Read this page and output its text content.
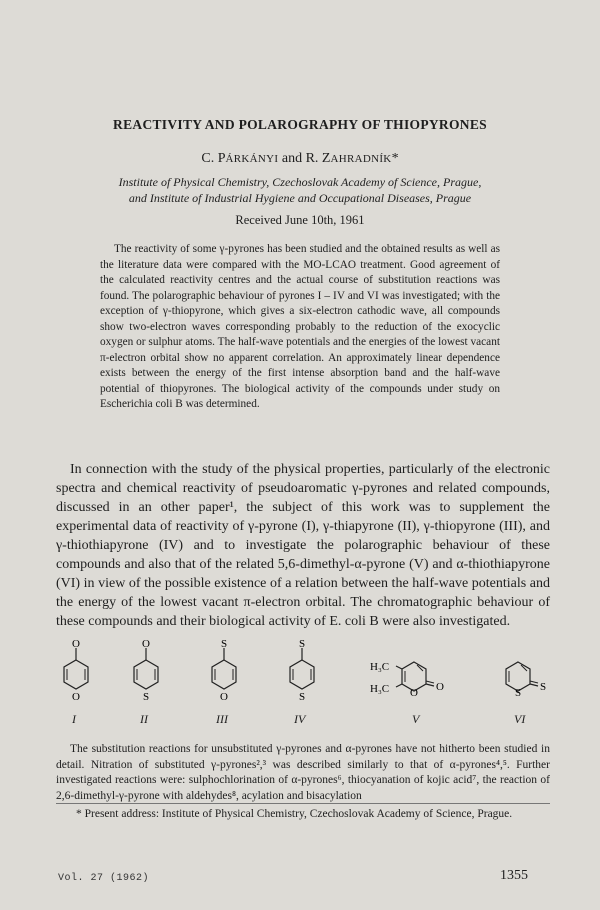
REACTIVITY AND POLAROGRAPHY OF THIOPYRONES
C. PÁRKÁNYI and R. ZAHRADNÍK*
Institute of Physical Chemistry, Czechoslovak Academy of Science, Prague,
and Institute of Industrial Hygiene and Occupational Diseases, Prague
Received June 10th, 1961
The reactivity of some γ-pyrones has been studied and the obtained results as well as the literature data were compared with the MO-LCAO treatment. Good agreement of the calculated reactivity centres and the actual course of substitution reactions was found. The polarographic behaviour of pyrones I – IV and VI was investigated; with the exception of γ-thiopyrone, which gives a six-electron cathodic wave, all compounds show two-electron waves corresponding probably to the reduction of the exocyclic oxygen or sulphur atoms. The half-wave potentials and the energies of the lowest vacant π-electron orbital show no apparent correlation. An approximately linear dependence exists between the energy of the first intense absorption band and the half-wave potential of thiopyrones. The biological activity of the compounds under study on Escherichia coli B was determined.
In connection with the study of the physical properties, particularly of the electronic spectra and chemical reactivity of pseudoaromatic γ-pyrones and related compounds, discussed in an other paper¹, the subject of this work was to supplement the experimental data of reactivity of γ-pyrone (I), γ-thiapyrone (II), γ-thiopyrone (III), and γ-thiothiapyrone (IV) and to investigate the polarographic behaviour of these compounds and also that of the related 5,6-dimethyl-α-pyrone (V) and α-thiothiapyrone (VI) in view of the possible existence of a relation between the half-wave potentials and the energy of the lowest vacant π-electron orbital. The chromatographic behaviour of these compounds and their biological activity of E. coli B were also investigated.
O
O
I
O
S
II
S
O
III
S
S
IV
H₃C
H₃C O O
V
S S
VI
The substitution reactions for unsubstituted γ-pyrones and α-pyrones have not hitherto been studied in detail. Nitration of substituted γ-pyrones²,³ was described similarly to that of α-pyrones⁴,⁵. Further investigated reactions were: sulphochlorination of α-pyrones⁶, thiocyanation of kojic acid⁷, the reaction of 2,6-dimethyl-γ-pyrone with aldehydes⁸, acylation and bisacylation
* Present address: Institute of Physical Chemistry, Czechoslovak Academy of Science, Prague.
Vol. 27 (1962)	1355
